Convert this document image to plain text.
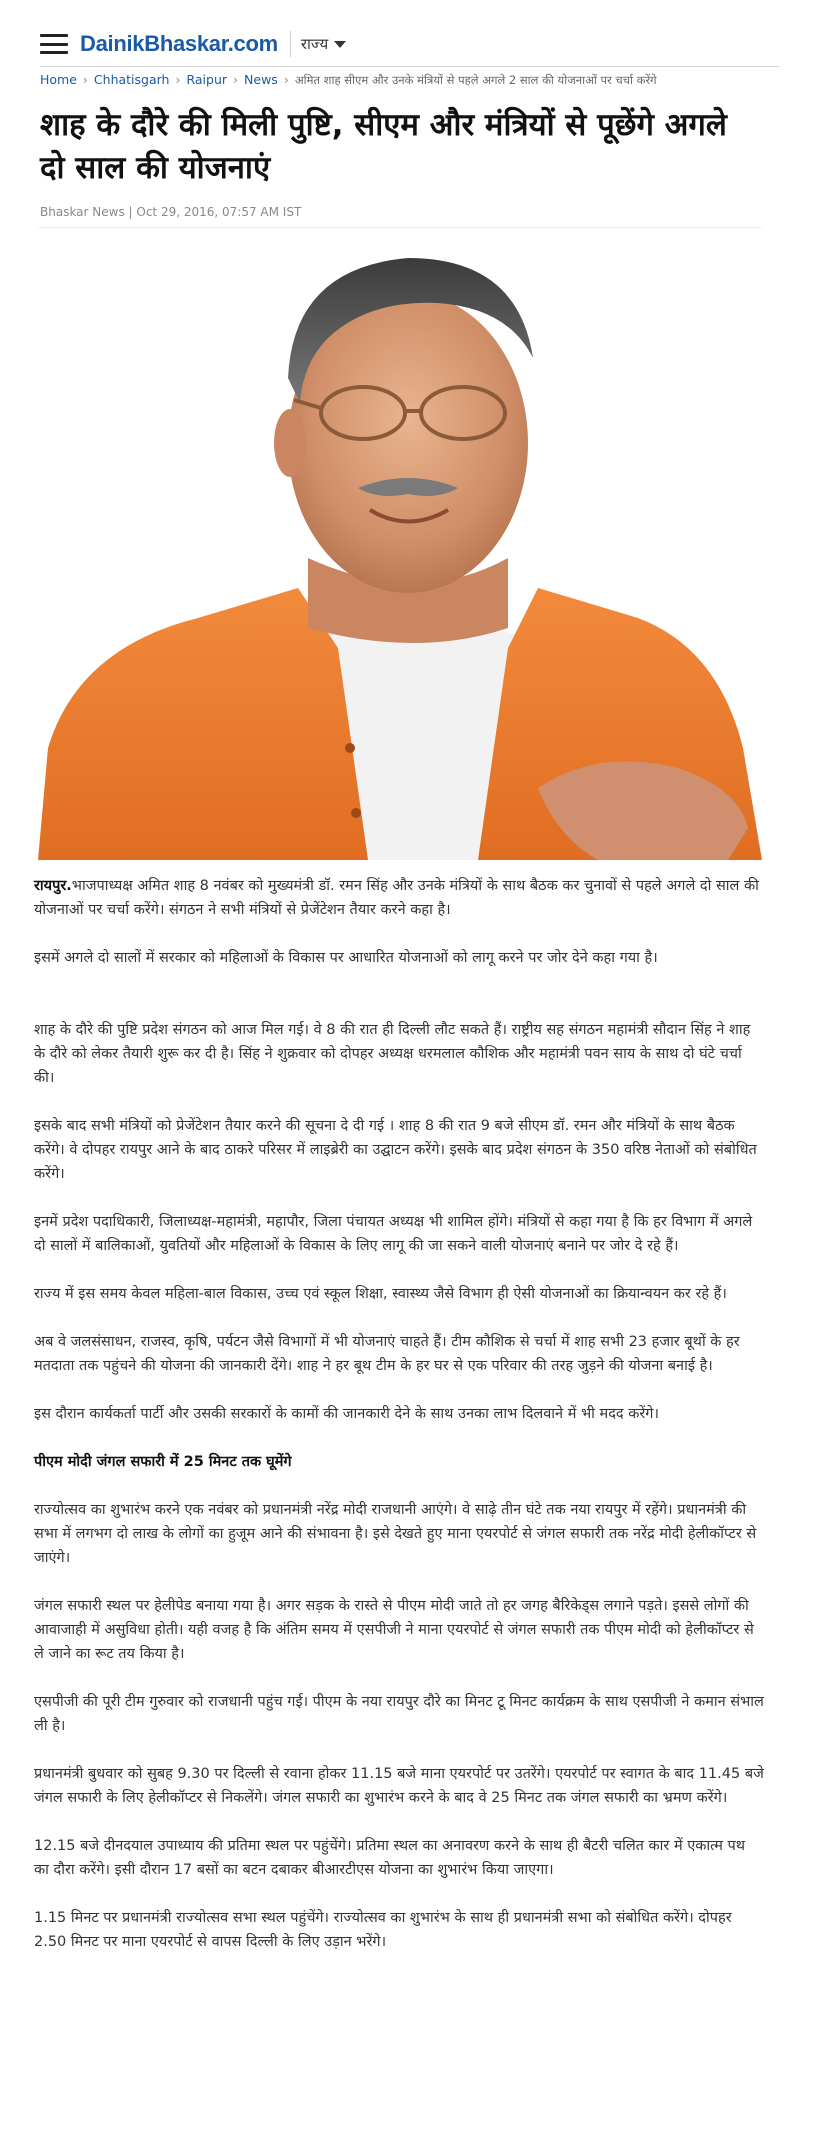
DainikBhaskar.com राज्य
Home › Chhatisgarh › Raipur › News › अमित शाह सीएम और उनके मंत्रियों से पहले अगले 2 साल की योजनाओं पर चर्चा करेंगे
शाह के दौरे की मिली पुष्टि, सीएम और मंत्रियों से पूछेंगे अगले दो साल की योजनाएं
Bhaskar News | Oct 29, 2016, 07:57 AM IST

रायपुर.भाजपाध्यक्ष अमित शाह 8 नवंबर को मुख्यमंत्री डॉ. रमन सिंह और उनके मंत्रियों के साथ बैठक कर चुनावों से पहले अगले दो साल की योजनाओं पर चर्चा करेंगे। संगठन ने सभी मंत्रियों से प्रेजेंटेशन तैयार करने कहा है।

इसमें अगले दो सालों में सरकार को महिलाओं के विकास पर आधारित योजनाओं को लागू करने पर जोर देने कहा गया है।

शाह के दौरे की पुष्टि प्रदेश संगठन को आज मिल गई। वे 8 की रात ही दिल्ली लौट सकते हैं। राष्ट्रीय सह संगठन महामंत्री सौदान सिंह ने शाह के दौरे को लेकर तैयारी शुरू कर दी है। सिंह ने शुक्रवार को दोपहर अध्यक्ष धरमलाल कौशिक और महामंत्री पवन साय के साथ दो घंटे चर्चा की।

इसके बाद सभी मंत्रियों को प्रेजेंटेशन तैयार करने की सूचना दे दी गई । शाह 8 की रात 9 बजे सीएम डॉ. रमन और मंत्रियों के साथ बैठक करेंगे। वे दोपहर रायपुर आने के बाद ठाकरे परिसर में लाइब्रेरी का उद्घाटन करेंगे। इसके बाद प्रदेश संगठन के 350 वरिष्ठ नेताओं को संबोधित करेंगे।

इनमें प्रदेश पदाधिकारी, जिलाध्यक्ष-महामंत्री, महापौर, जिला पंचायत अध्यक्ष भी शामिल होंगे। मंत्रियों से कहा गया है कि हर विभाग में अगले दो सालों में बालिकाओं, युवतियों और महिलाओं के विकास के लिए लागू की जा सकने वाली योजनाएं बनाने पर जोर दे रहे हैं।

राज्य में इस समय केवल महिला-बाल विकास, उच्च एवं स्कूल शिक्षा, स्वास्थ्य जैसे विभाग ही ऐसी योजनाओं का क्रियान्वयन कर रहे हैं।

अब वे जलसंसाधन, राजस्व, कृषि, पर्यटन जैसे विभागों में भी योजनाएं चाहते हैं। टीम कौशिक से चर्चा में शाह सभी 23 हजार बूथों के हर मतदाता तक पहुंचने की योजना की जानकारी देंगे। शाह ने हर बूथ टीम के हर घर से एक परिवार की तरह जुड़ने की योजना बनाई है।

इस दौरान कार्यकर्ता पार्टी और उसकी सरकारों के कामों की जानकारी देने के साथ उनका लाभ दिलवाने में भी मदद करेंगे।

पीएम मोदी जंगल सफारी में 25 मिनट तक घूमेंगे

राज्योत्सव का शुभारंभ करने एक नवंबर को प्रधानमंत्री नरेंद्र मोदी राजधानी आएंगे। वे साढ़े तीन घंटे तक नया रायपुर में रहेंगे। प्रधानमंत्री की सभा में लगभग दो लाख के लोगों का हुजूम आने की संभावना है। इसे देखते हुए माना एयरपोर्ट से जंगल सफारी तक नरेंद्र मोदी हेलीकॉप्टर से जाएंगे।

जंगल सफारी स्थल पर हेलीपेड बनाया गया है। अगर सड़क के रास्ते से पीएम मोदी जाते तो हर जगह बैरिकेड्स लगाने पड़ते। इससे लोगों की आवाजाही में असुविधा होती। यही वजह है कि अंतिम समय में एसपीजी ने माना एयरपोर्ट से जंगल सफारी तक पीएम मोदी को हेलीकॉप्टर से ले जाने का रूट तय किया है।

एसपीजी की पूरी टीम गुरुवार को राजधानी पहुंच गई। पीएम के नया रायपुर दौरे का मिनट टू मिनट कार्यक्रम के साथ एसपीजी ने कमान संभाल ली है।

प्रधानमंत्री बुधवार को सुबह 9.30 पर दिल्ली से रवाना होकर 11.15 बजे माना एयरपोर्ट पर उतरेंगे। एयरपोर्ट पर स्वागत के बाद 11.45 बजे जंगल सफारी के लिए हेलीकॉप्टर से निकलेंगे। जंगल सफारी का शुभारंभ करने के बाद वे 25 मिनट तक जंगल सफारी का भ्रमण करेंगे।

12.15 बजे दीनदयाल उपाध्याय की प्रतिमा स्थल पर पहुंचेंगे। प्रतिमा स्थल का अनावरण करने के साथ ही बैटरी चलित कार में एकात्म पथ का दौरा करेंगे। इसी दौरान 17 बसों का बटन दबाकर बीआरटीएस योजना का शुभारंभ किया जाएगा।

1.15 मिनट पर प्रधानमंत्री राज्योत्सव सभा स्थल पहुंचेंगे। राज्योत्सव का शुभारंभ के साथ ही प्रधानमंत्री सभा को संबोधित करेंगे। दोपहर 2.50 मिनट पर माना एयरपोर्ट से वापस दिल्ली के लिए उड़ान भरेंगे।
